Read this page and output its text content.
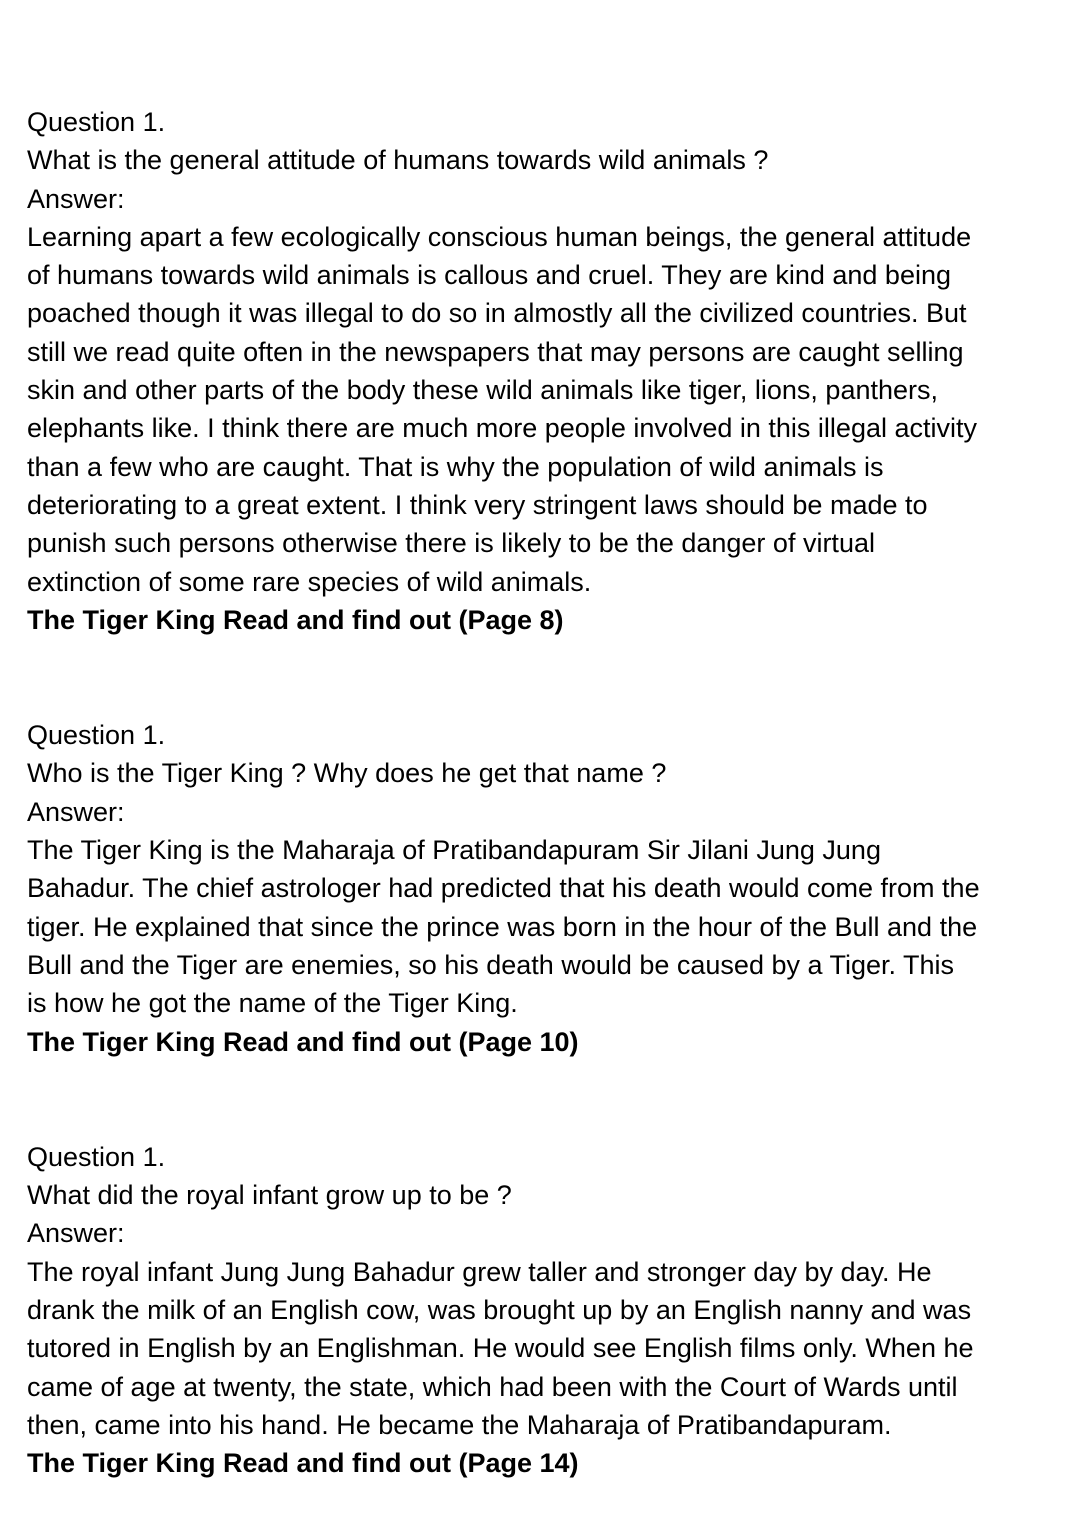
Question 1.
What is the general attitude of humans towards wild animals ?
Answer:
Learning apart a few ecologically conscious human beings, the general attitude
of humans towards wild animals is callous and cruel. They are kind and being
poached though it was illegal to do so in almostly all the civilized countries. But
still we read quite often in the newspapers that may persons are caught selling
skin and other parts of the body these wild animals like tiger, lions, panthers,
elephants like. I think there are much more people involved in this illegal activity
than a few who are caught. That is why the population of wild animals is
deteriorating to a great extent. I think very stringent laws should be made to
punish such persons otherwise there is likely to be the danger of virtual
extinction of some rare species of wild animals.
The Tiger King Read and find out (Page 8)
Question 1.
Who is the Tiger King ? Why does he get that name ?
Answer:
The Tiger King is the Maharaja of Pratibandapuram Sir Jilani Jung Jung
Bahadur. The chief astrologer had predicted that his death would come from the
tiger. He explained that since the prince was born in the hour of the Bull and the
Bull and the Tiger are enemies, so his death would be caused by a Tiger. This
is how he got the name of the Tiger King.
The Tiger King Read and find out (Page 10)
Question 1.
What did the royal infant grow up to be ?
Answer:
The royal infant Jung Jung Bahadur grew taller and stronger day by day. He
drank the milk of an English cow, was brought up by an English nanny and was
tutored in English by an Englishman. He would see English films only. When he
came of age at twenty, the state, which had been with the Court of Wards until
then, came into his hand. He became the Maharaja of Pratibandapuram.
The Tiger King Read and find out (Page 14)
